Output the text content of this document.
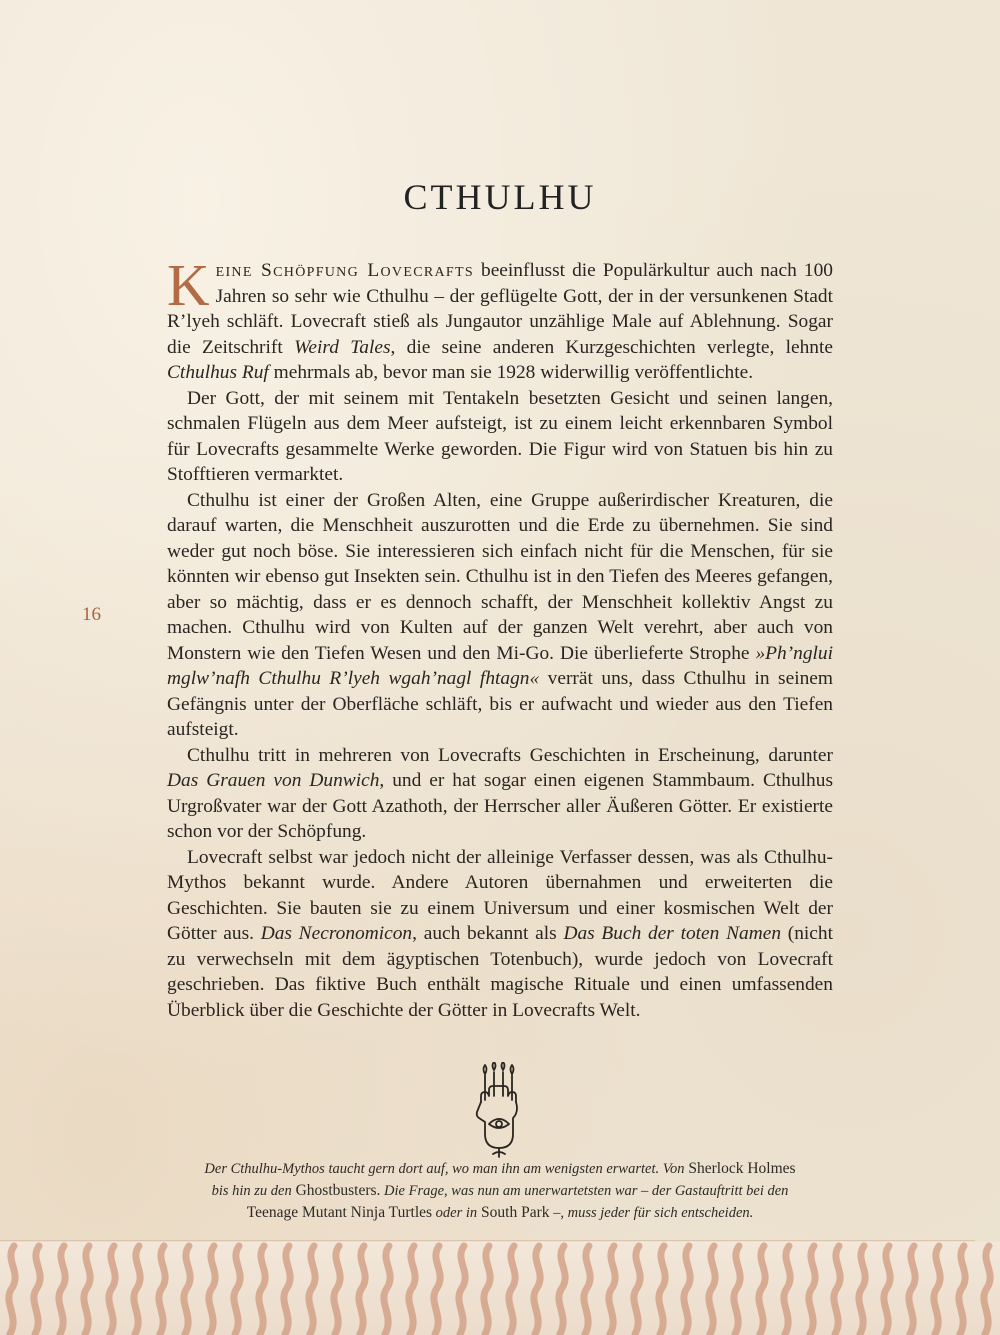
CTHULHU
16

Keine Schöpfung Lovecrafts beeinflusst die Populärkultur auch nach 100 Jahren so sehr wie Cthulhu – der geflügelte Gott, der in der versunkenen Stadt R’lyeh schläft. Lovecraft stieß als Jungautor unzählige Male auf Ablehnung. Sogar die Zeitschrift Weird Tales, die seine anderen Kurzgeschichten verlegte, lehnte Cthulhus Ruf mehrmals ab, bevor man sie 1928 widerwillig veröffentlichte.

Der Gott, der mit seinem mit Tentakeln besetzten Gesicht und seinen langen, schmalen Flügeln aus dem Meer aufsteigt, ist zu einem leicht erkennbaren Symbol für Lovecrafts gesammelte Werke geworden. Die Figur wird von Statuen bis hin zu Stofftieren vermarktet.

Cthulhu ist einer der Großen Alten, eine Gruppe außerirdischer Kreaturen, die darauf warten, die Menschheit auszurotten und die Erde zu übernehmen. Sie sind weder gut noch böse. Sie interessieren sich einfach nicht für die Menschen, für sie könnten wir ebenso gut Insekten sein. Cthulhu ist in den Tiefen des Meeres gefangen, aber so mächtig, dass er es dennoch schafft, der Menschheit kollektiv Angst zu machen. Cthulhu wird von Kulten auf der ganzen Welt verehrt, aber auch von Monstern wie den Tiefen Wesen und den Mi-Go. Die überlieferte Strophe »Ph’nglui mglw’nafh Cthulhu R’lyeh wgah’nagl fhtagn« verrät uns, dass Cthulhu in seinem Gefängnis unter der Oberfläche schläft, bis er aufwacht und wieder aus den Tiefen aufsteigt.

Cthulhu tritt in mehreren von Lovecrafts Geschichten in Erscheinung, darunter Das Grauen von Dunwich, und er hat sogar einen eigenen Stammbaum. Cthulhus Urgroßvater war der Gott Azathoth, der Herrscher aller Äußeren Götter. Er existierte schon vor der Schöpfung.

Lovecraft selbst war jedoch nicht der alleinige Verfasser dessen, was als Cthulhu-Mythos bekannt wurde. Andere Autoren übernahmen und erweiterten die Geschichten. Sie bauten sie zu einem Universum und einer kosmischen Welt der Götter aus. Das Necronomicon, auch bekannt als Das Buch der toten Namen (nicht zu verwechseln mit dem ägyptischen Totenbuch), wurde jedoch von Lovecraft geschrieben. Das fiktive Buch enthält magische Rituale und einen umfassenden Überblick über die Geschichte der Götter in Lovecrafts Welt.

Der Cthulhu-Mythos taucht gern dort auf, wo man ihn am wenigsten erwartet. Von Sherlock Holmes
bis hin zu den Ghostbusters. Die Frage, was nun am unerwartetsten war – der Gastauftritt bei den
Teenage Mutant Ninja Turtles oder in South Park –, muss jeder für sich entscheiden.
